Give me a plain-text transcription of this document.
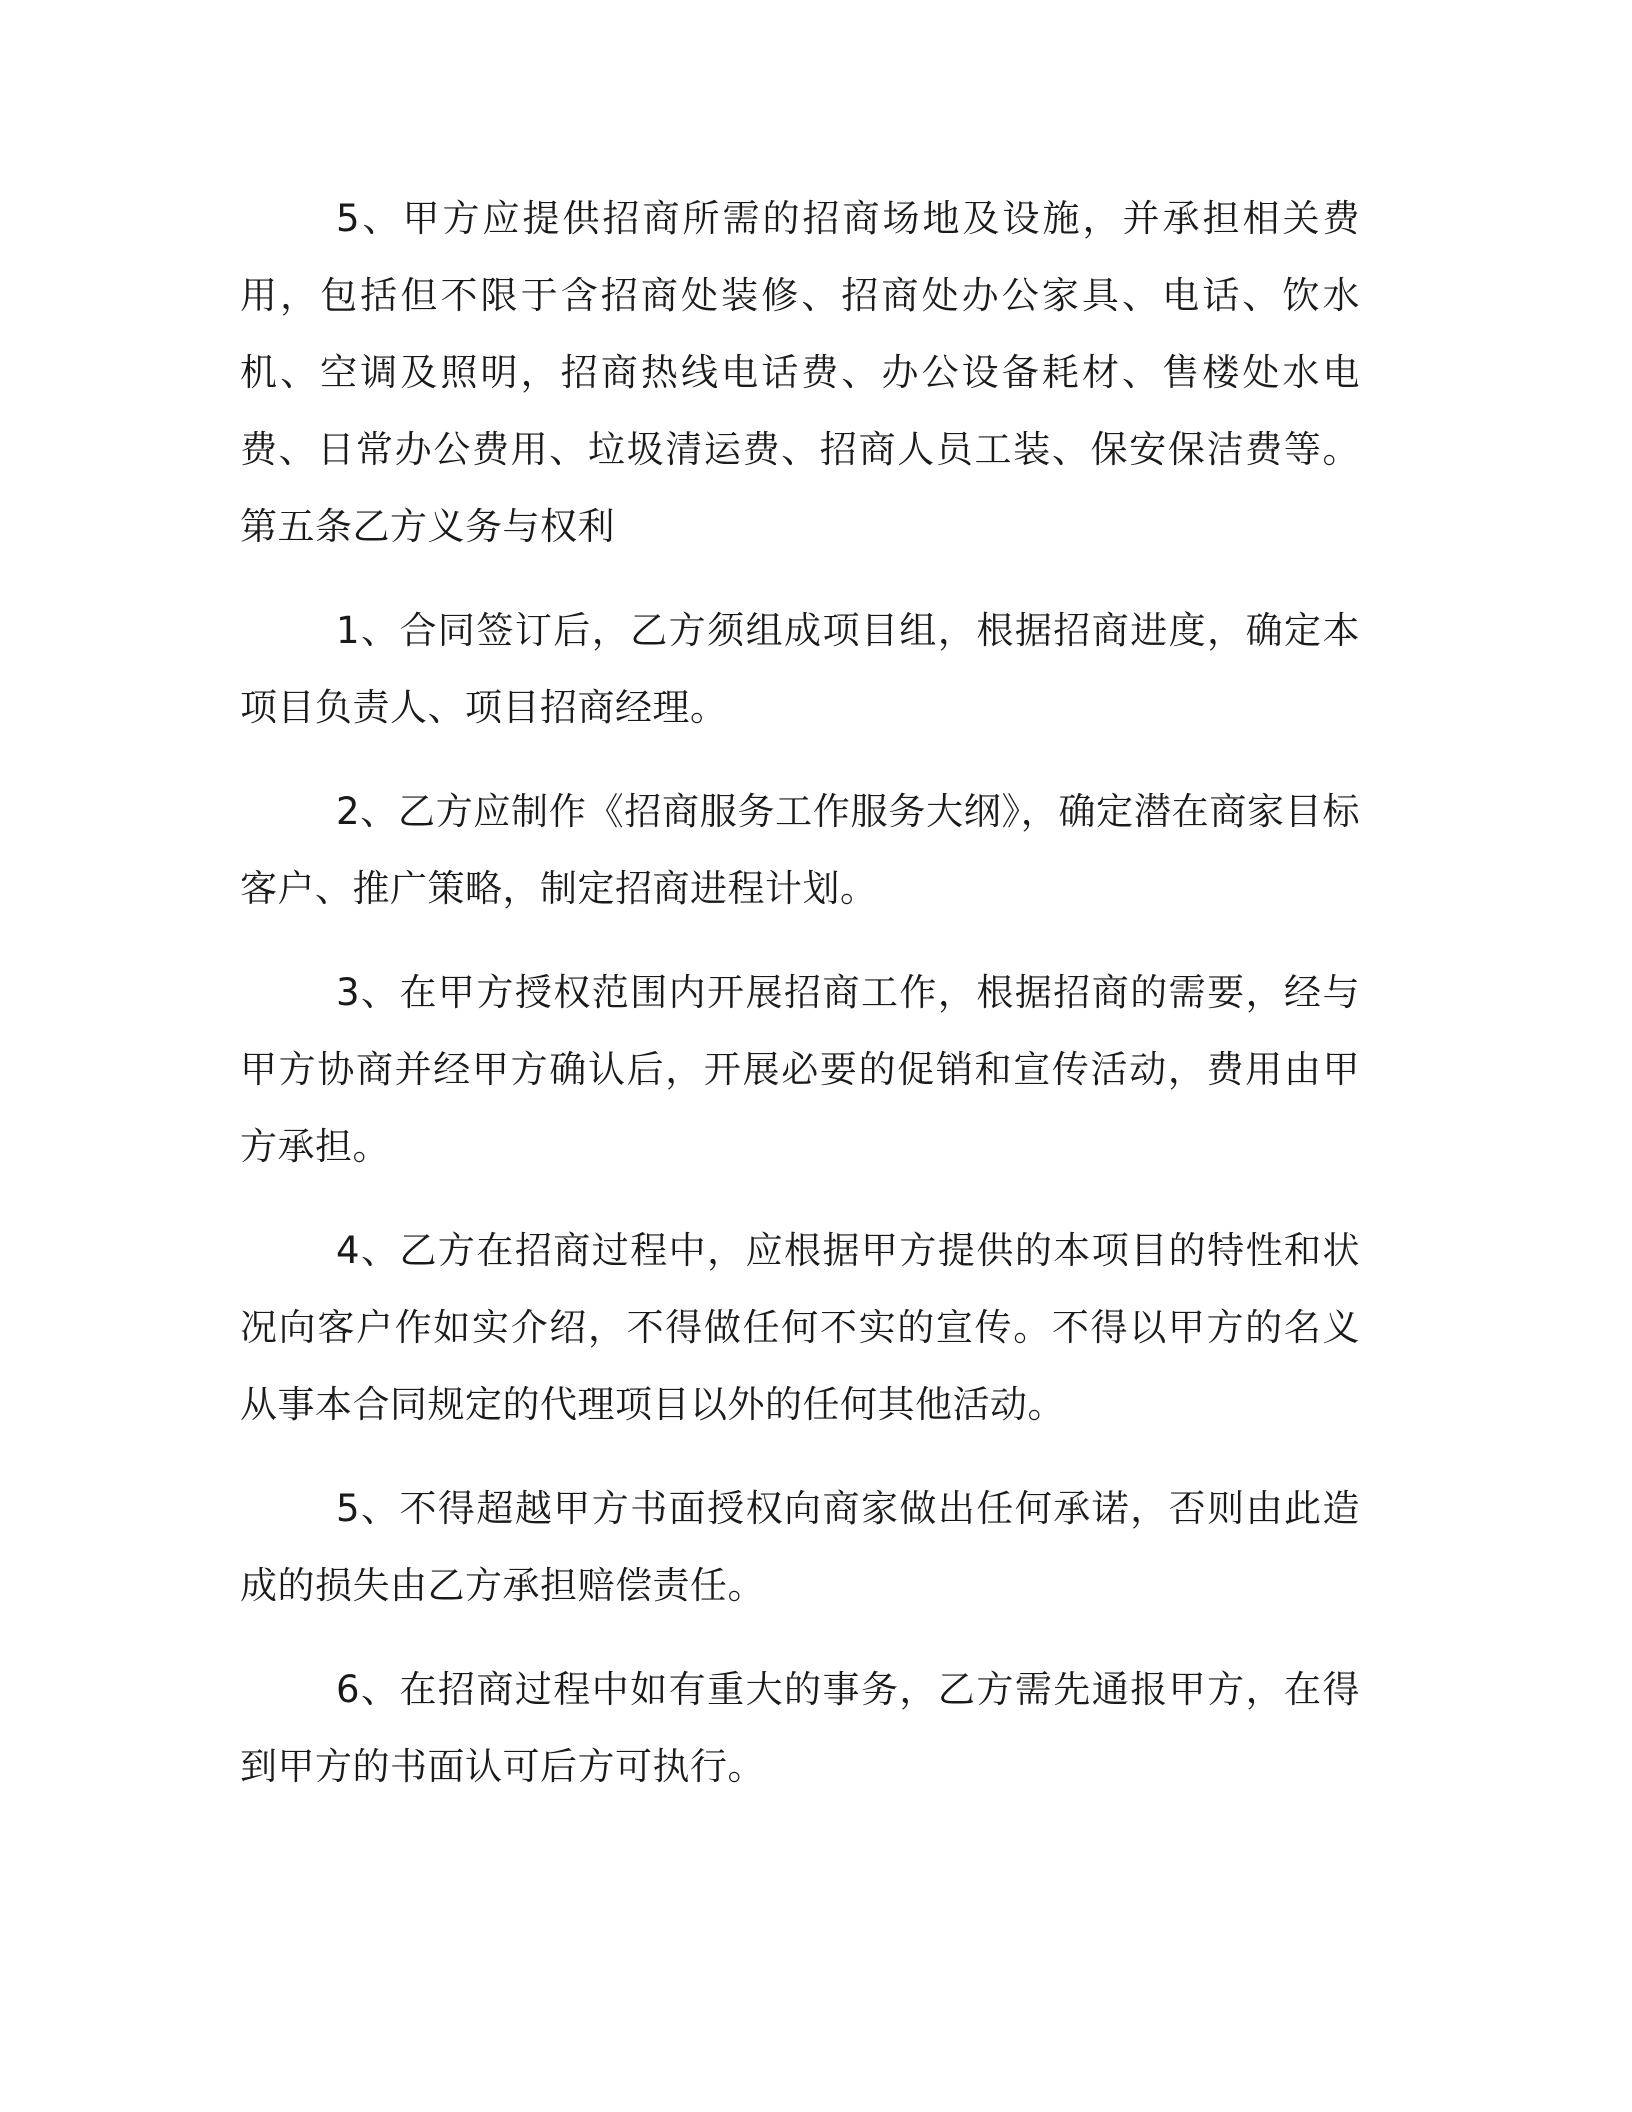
5、甲方应提供招商所需的招商场地及设施，并承担相关费用，包括但不限于含招商处装修、招商处办公家具、电话、饮水机、空调及照明，招商热线电话费、办公设备耗材、售楼处水电费、日常办公费用、垃圾清运费、招商人员工装、保安保洁费等。第五条乙方义务与权利

1、合同签订后，乙方须组成项目组，根据招商进度，确定本项目负责人、项目招商经理。

2、乙方应制作《招商服务工作服务大纲》，确定潜在商家目标客户、推广策略，制定招商进程计划。

3、在甲方授权范围内开展招商工作，根据招商的需要，经与甲方协商并经甲方确认后，开展必要的促销和宣传活动，费用由甲方承担。

4、乙方在招商过程中，应根据甲方提供的本项目的特性和状况向客户作如实介绍，不得做任何不实的宣传。不得以甲方的名义从事本合同规定的代理项目以外的任何其他活动。

5、不得超越甲方书面授权向商家做出任何承诺，否则由此造成的损失由乙方承担赔偿责任。

6、在招商过程中如有重大的事务，乙方需先通报甲方，在得到甲方的书面认可后方可执行。
